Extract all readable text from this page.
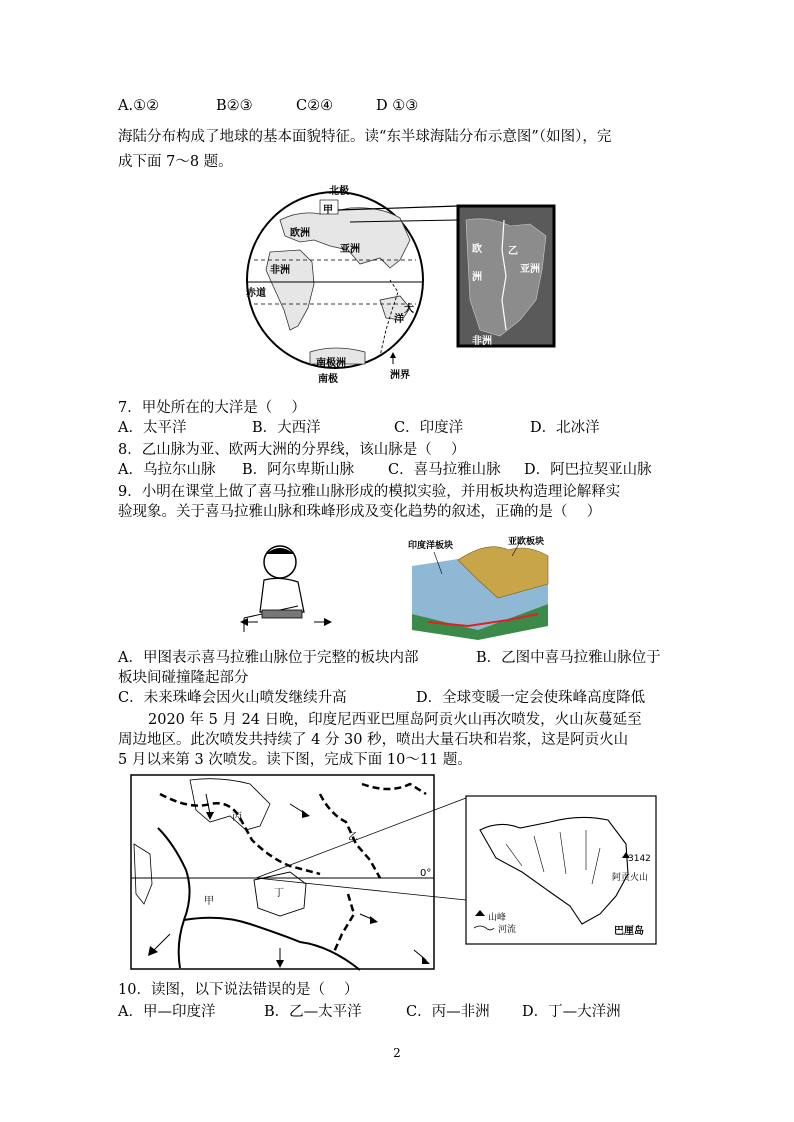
A.①②	B②③	C②④	D ①③
海陆分布构成了地球的基本面貌特征。读“东半球海陆分布示意图”（如图），完
成下面 7～8 题。
北极
甲
欧洲
亚洲
非洲
赤道
大
洋
南极洲
南极	洲界
欧
洲
乙
亚洲
非洲
7．甲处所在的大洋是（　 ）
A．太平洋	B．大西洋	C．印度洋	D．北冰洋
8．乙山脉为亚、欧两大洲的分界线，该山脉是（　 ）
A．乌拉尔山脉 B．阿尔卑斯山脉 C．喜马拉雅山脉 D．阿巴拉契亚山脉
9．小明在课堂上做了喜马拉雅山脉形成的模拟实验，并用板块构造理论解释实
验现象。关于喜马拉雅山脉和珠峰形成及变化趋势的叙述，正确的是（　 ）
印度洋板块	亚欧板块
A．甲图表示喜马拉雅山脉位于完整的板块内部	B．乙图中喜马拉雅山脉位于
板块间碰撞隆起部分
C．未来珠峰会因火山喷发继续升高	D．全球变暖一定会使珠峰高度降低
2020 年 5 月 24 日晚，印度尼西亚巴厘岛阿贡火山再次喷发，火山灰蔓延至
周边地区。此次喷发共持续了 4 分 30 秒，喷出大量石块和岩浆，这是阿贡火山
5 月以来第 3 次喷发。读下图，完成下面 10～11 题。
丙
乙
甲
丁
0°
3142
阿贡火山
山峰
河流	巴厘岛
10．读图，以下说法错误的是（　 ）
A．甲—印度洋	B．乙—太平洋	C．丙—非洲 D．丁—大洋洲
2
